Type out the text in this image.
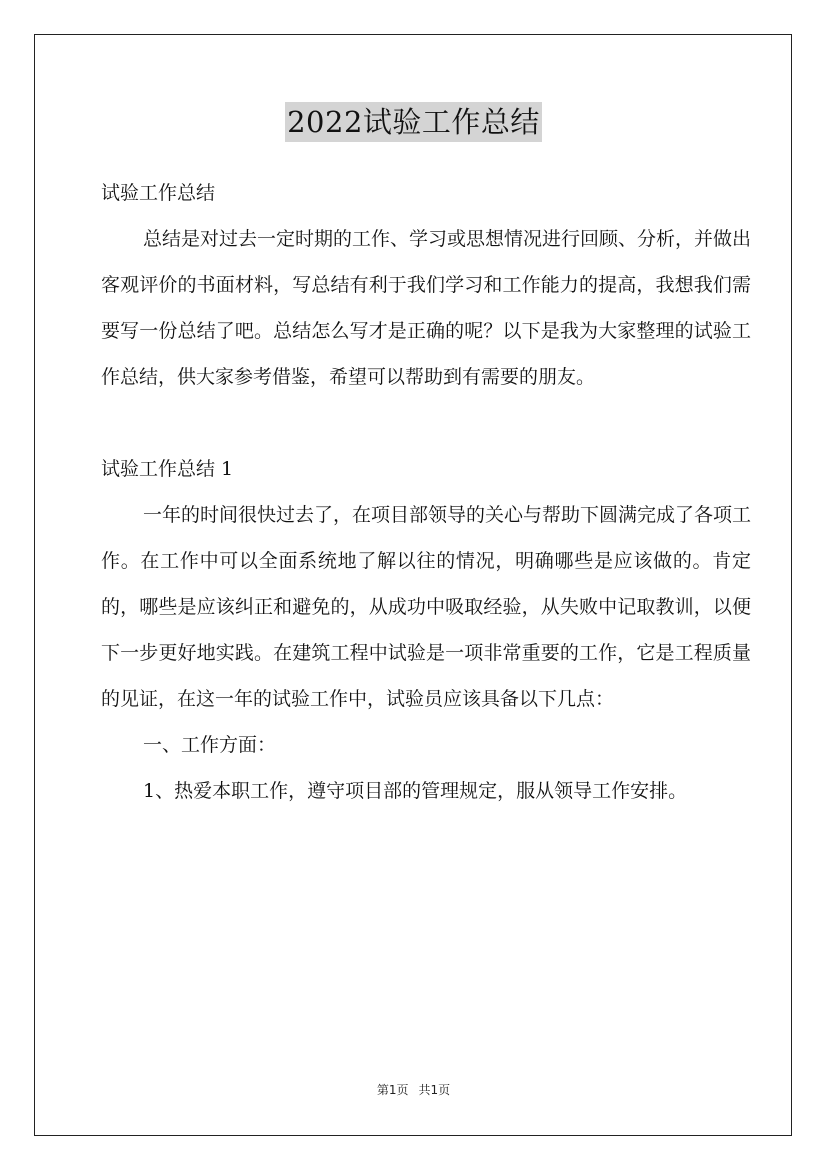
2022试验工作总结

试验工作总结

总结是对过去一定时期的工作、学习或思想情况进行回顾、分析，并做出客观评价的书面材料，写总结有利于我们学习和工作能力的提高，我想我们需要写一份总结了吧。总结怎么写才是正确的呢？以下是我为大家整理的试验工作总结，供大家参考借鉴，希望可以帮助到有需要的朋友。

试验工作总结 1

一年的时间很快过去了，在项目部领导的关心与帮助下圆满完成了各项工作。在工作中可以全面系统地了解以往的情况，明确哪些是应该做的。肯定的，哪些是应该纠正和避免的，从成功中吸取经验，从失败中记取教训，以便下一步更好地实践。在建筑工程中试验是一项非常重要的工作，它是工程质量的见证，在这一年的试验工作中，试验员应该具备以下几点：

一、工作方面：

1、热爱本职工作，遵守项目部的管理规定，服从领导工作安排。

第1页 共1页
